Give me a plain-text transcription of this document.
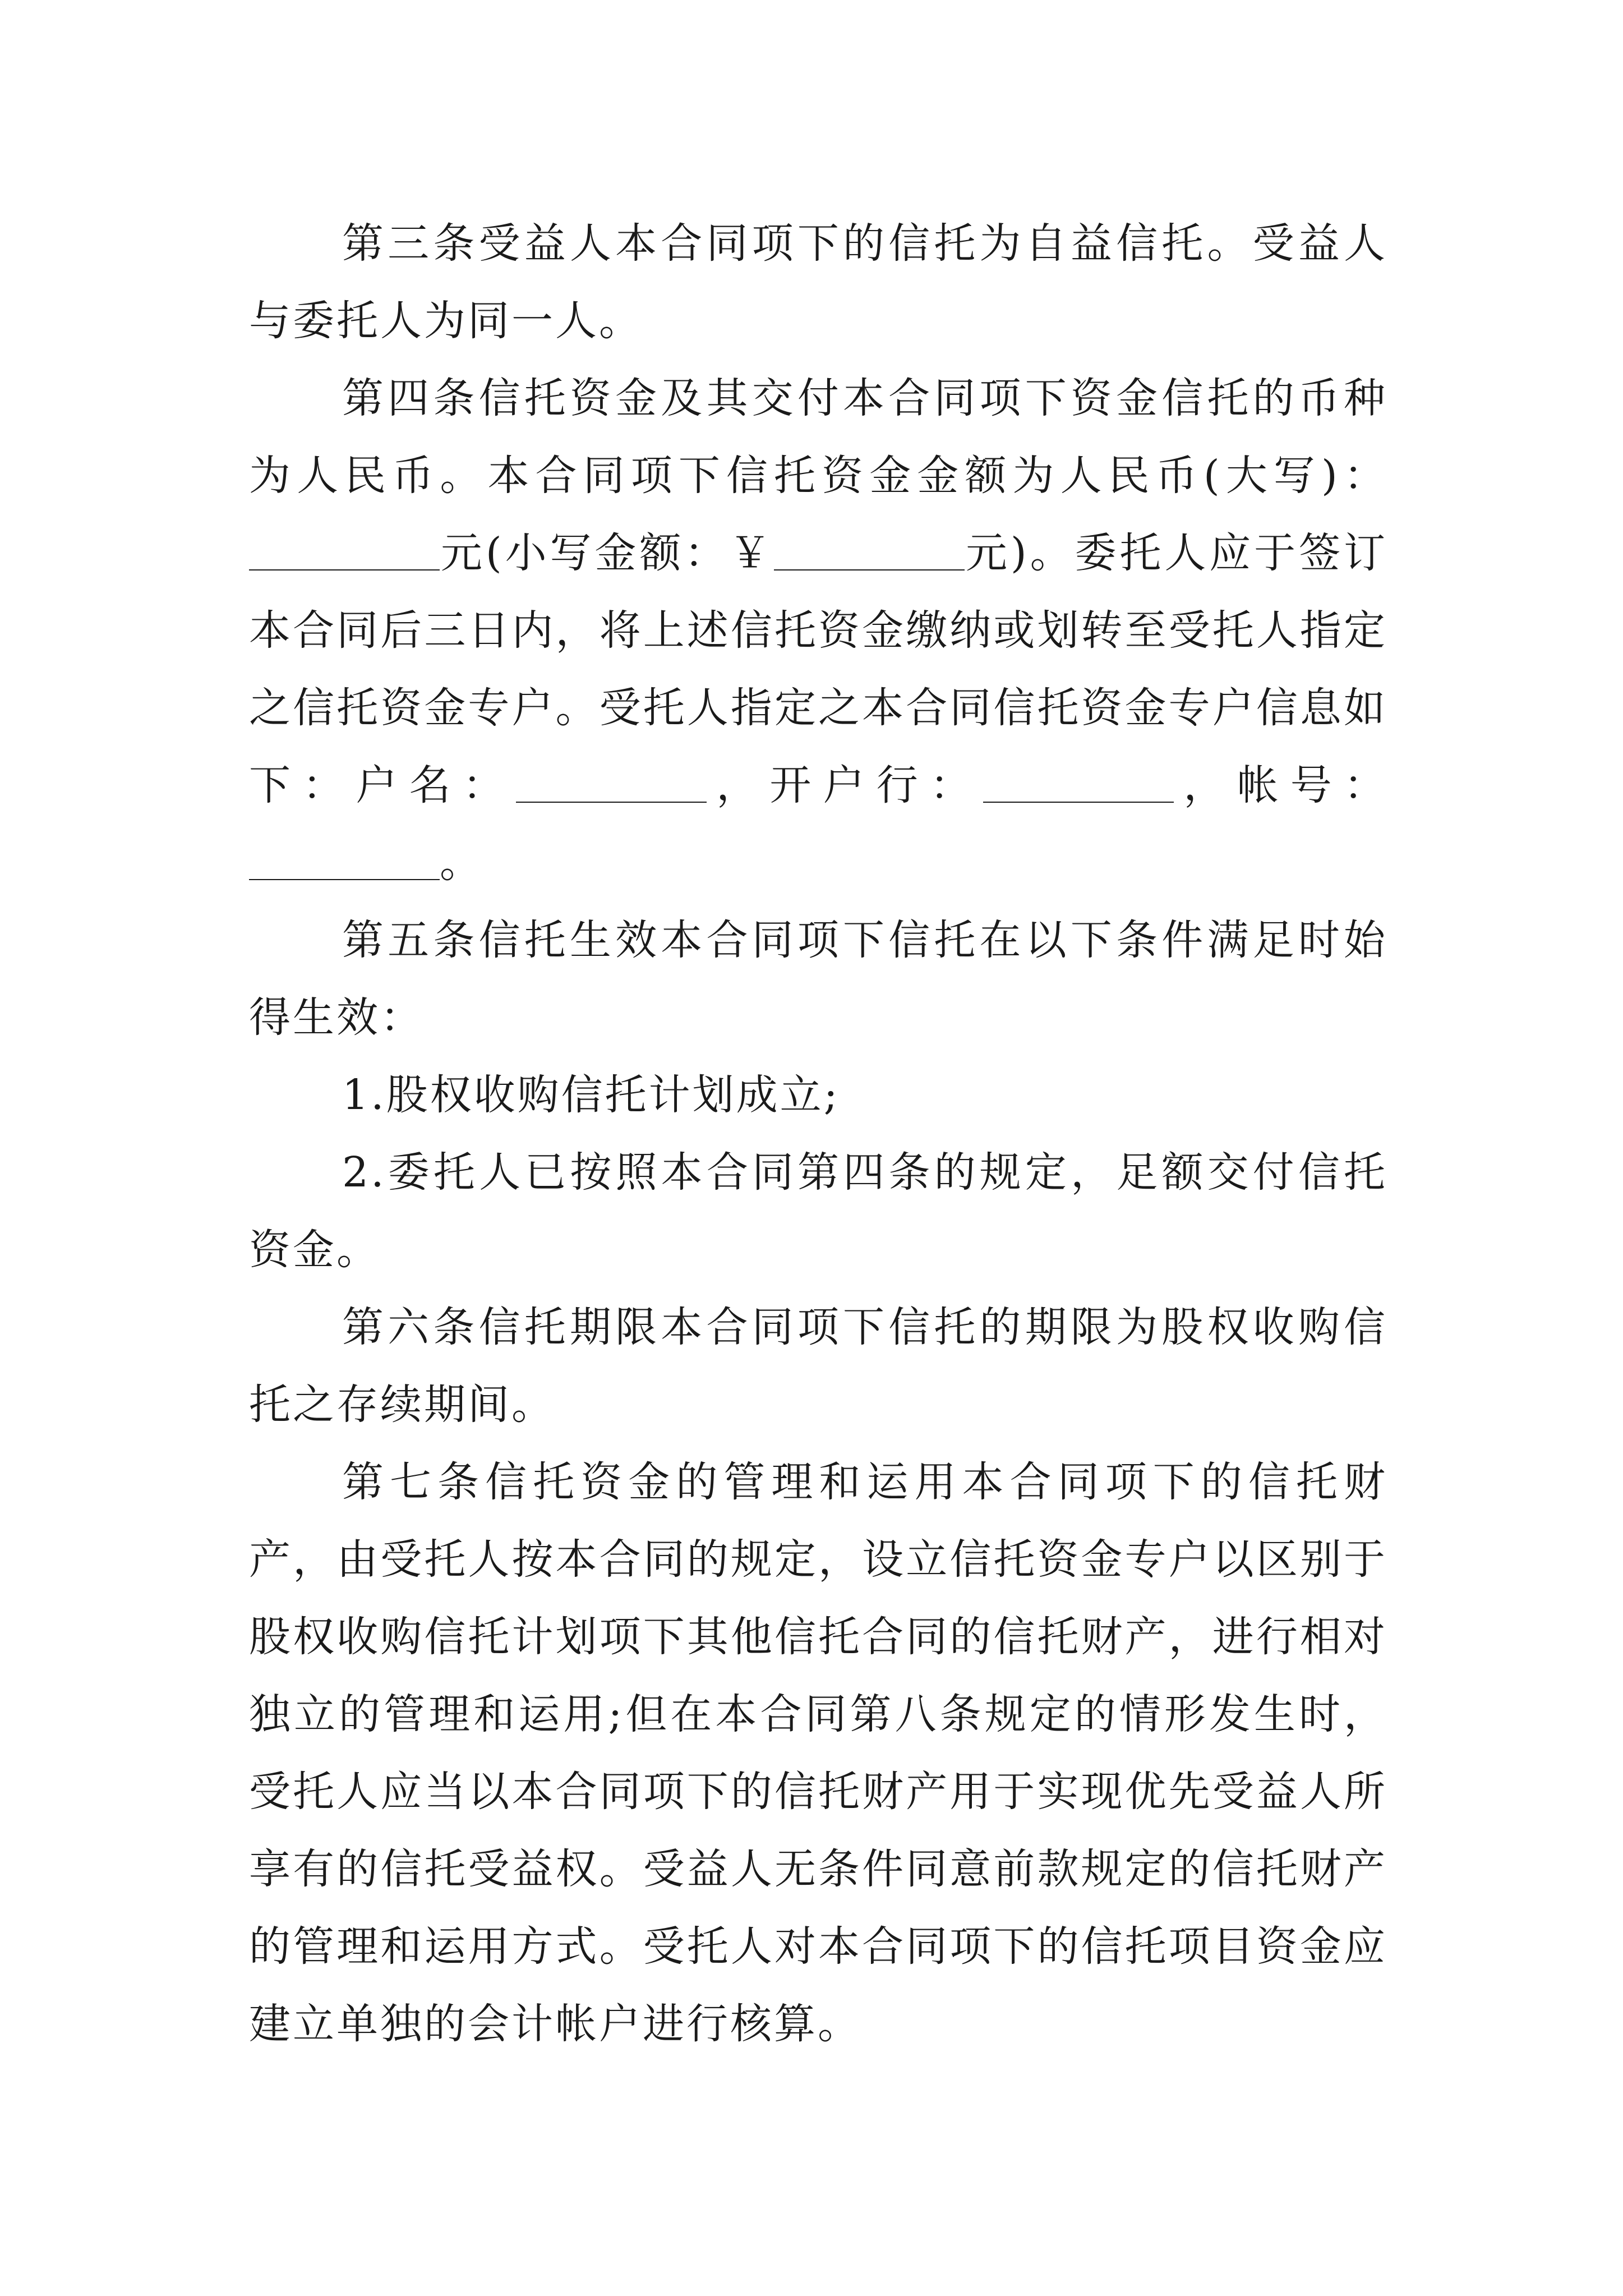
第三条受益人本合同项下的信托为自益信托。受益人与委托人为同一人。

第四条信托资金及其交付本合同项下资金信托的币种为人民币。本合同项下信托资金金额为人民币(大写)：元(小写金额：￥	元)。委托人应于签订本合同后三日内，将上述信托资金缴纳或划转至受托人指定之信托资金专户。受托人指定之本合同信托资金专户信息如下：户名：	，开户行：	，帐号：。

第五条信托生效本合同项下信托在以下条件满足时始得生效：

1.股权收购信托计划成立;

2.委托人已按照本合同第四条的规定，足额交付信托资金。

第六条信托期限本合同项下信托的期限为股权收购信托之存续期间。

第七条信托资金的管理和运用本合同项下的信托财产，由受托人按本合同的规定，设立信托资金专户以区别于股权收购信托计划项下其他信托合同的信托财产，进行相对独立的管理和运用;但在本合同第八条规定的情形发生时，受托人应当以本合同项下的信托财产用于实现优先受益人所享有的信托受益权。受益人无条件同意前款规定的信托财产的管理和运用方式。受托人对本合同项下的信托项目资金应建立单独的会计帐户进行核算。
